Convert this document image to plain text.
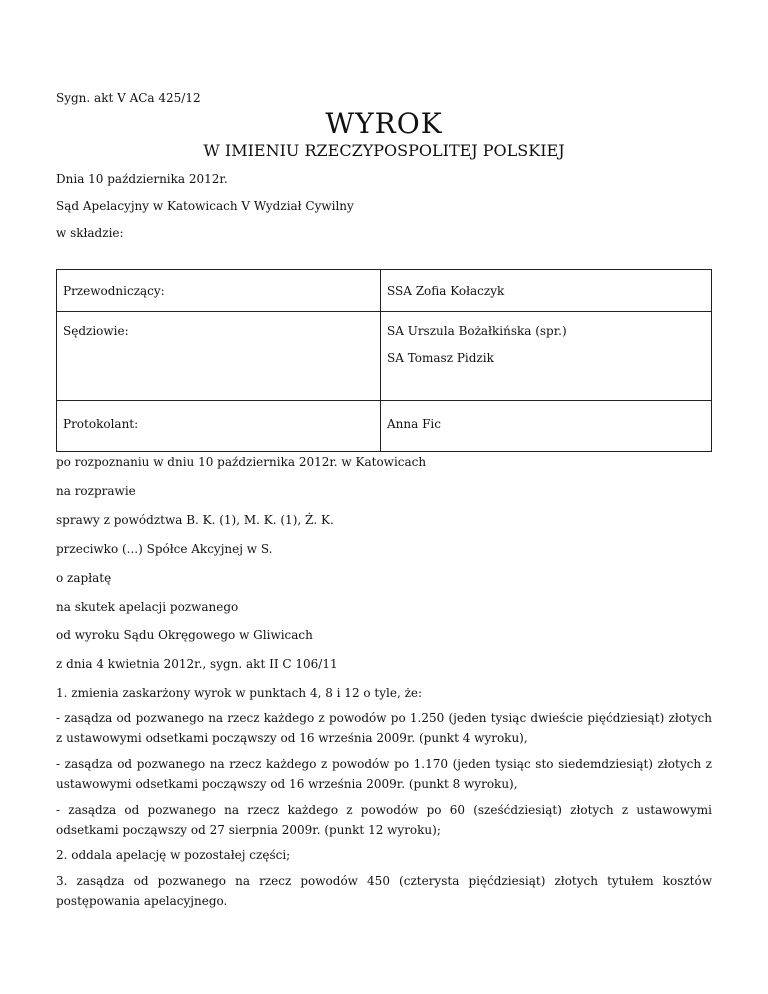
Sygn. akt V ACa 425/12
WYROK
W IMIENIU RZECZYPOSPOLITEJ POLSKIEJ
Dnia 10 października 2012r.
Sąd Apelacyjny w Katowicach V Wydział Cywilny
w składzie:
Przewodniczący:	SSA Zofia Kołaczyk
Sędziowie:	SA Urszula Bożałkińska (spr.)
SA Tomasz Pidzik

Protokolant:	Anna Fic
po rozpoznaniu w dniu 10 października 2012r. w Katowicach
na rozprawie
sprawy z powództwa B. K. (1), M. K. (1), Ż. K.
przeciwko (...) Spółce Akcyjnej w S.
o zapłatę
na skutek apelacji pozwanego
od wyroku Sądu Okręgowego w Gliwicach
z dnia 4 kwietnia 2012r., sygn. akt II C 106/11
1. zmienia zaskarżony wyrok w punktach 4, 8 i 12 o tyle, że:
- zasądza od pozwanego na rzecz każdego z powodów po 1.250 (jeden tysiąc dwieście pięćdziesiąt) złotych z ustawowymi odsetkami począwszy od 16 września 2009r. (punkt 4 wyroku),
- zasądza od pozwanego na rzecz każdego z powodów po 1.170 (jeden tysiąc sto siedemdziesiąt) złotych z ustawowymi odsetkami począwszy od 16 września 2009r. (punkt 8 wyroku),
- zasądza od pozwanego na rzecz każdego z powodów po 60 (sześćdziesiąt) złotych z ustawowymi odsetkami począwszy od 27 sierpnia 2009r. (punkt 12 wyroku);
2. oddala apelację w pozostałej części;
3. zasądza od pozwanego na rzecz powodów 450 (czterysta pięćdziesiąt) złotych tytułem kosztów postępowania apelacyjnego.
